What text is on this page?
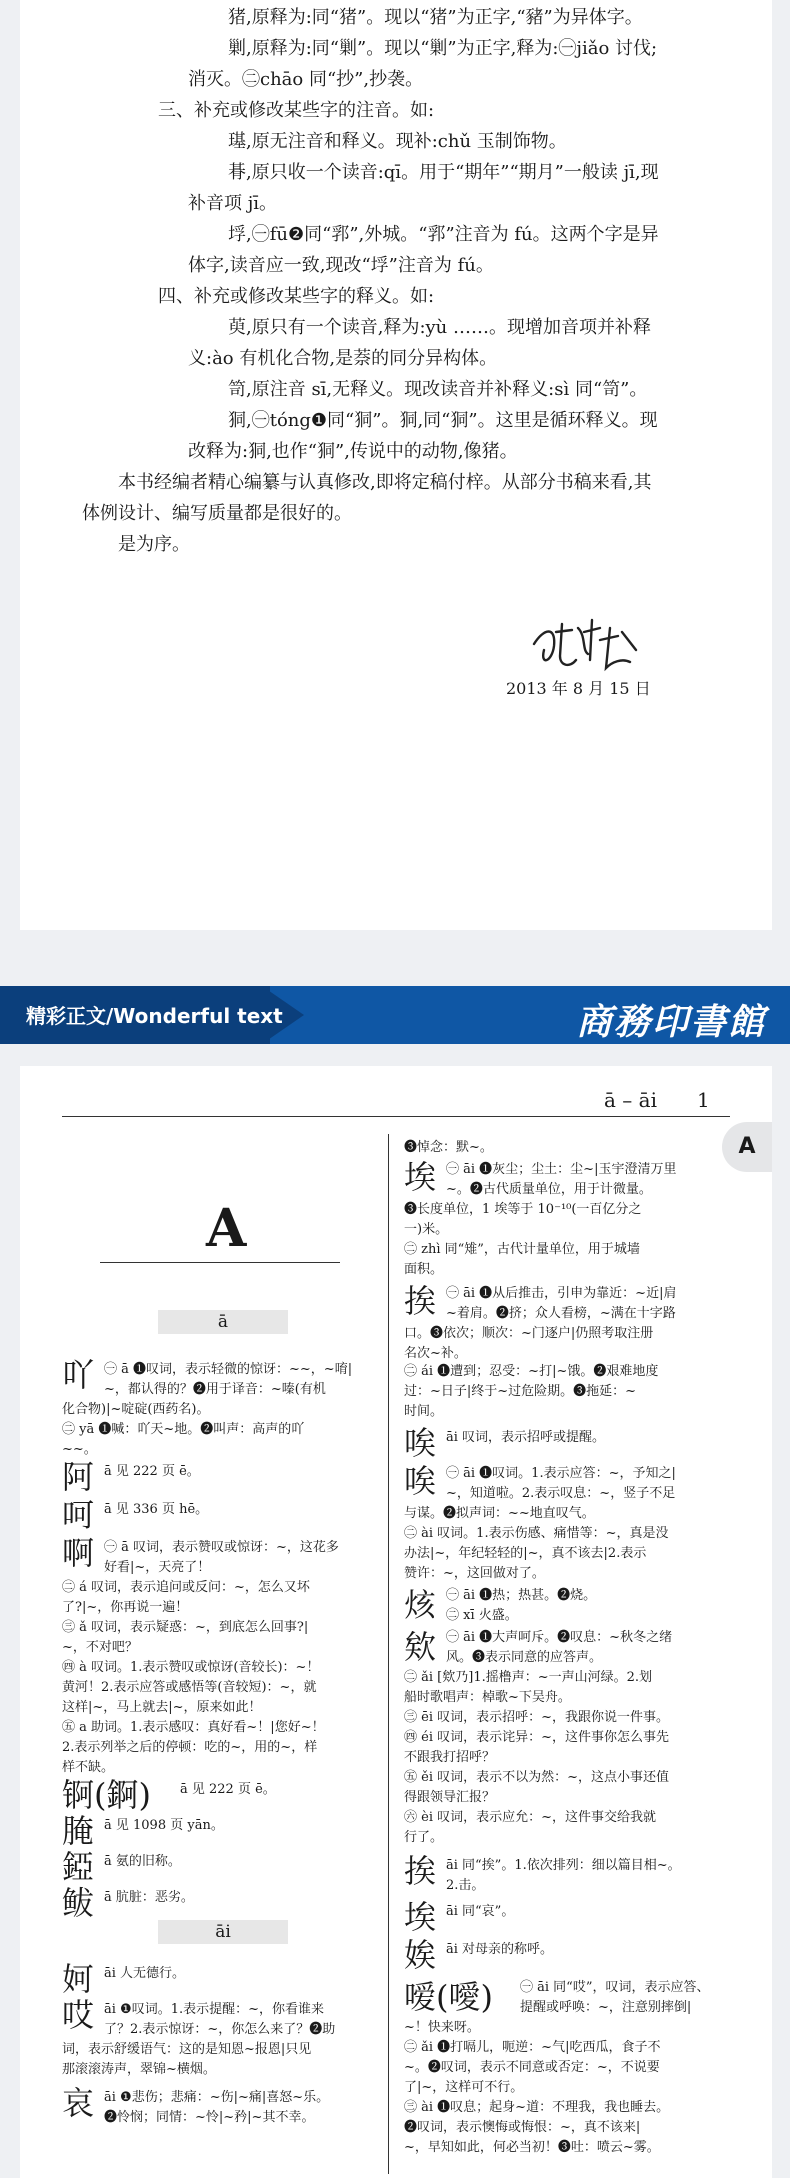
猪,原释为:同“猪”。现以“猪”为正字,“豬”为异体字。
剿,原释为:同“剿”。现以“剿”为正字,释为:㊀jiǎo 讨伐;
消灭。㊁chāo 同“抄”,抄袭。
三、补充或修改某些字的注音。如:
璂,原无注音和释义。现补:chǔ 玉制饰物。
朞,原只收一个读音:qī。用于“期年”“期月”一般读 jī,现
补音项 jī。
垺,㊀fū❷同“郛”,外城。“郛”注音为 fú。这两个字是异
体字,读音应一致,现改“垺”注音为 fú。
四、补充或修改某些字的释义。如:
萸,原只有一个读音,释为:yù ……。现增加音项并补释
义:ào 有机化合物,是萘的同分异构体。
笥,原注音 sī,无释义。现改读音并补释义:sì 同“笥”。
狪,㊀tóng❶同“狪”。狪,同“狪”。这里是循环释义。现
改释为:狪,也作“狪”,传说中的动物,像猪。
本书经编者精心编纂与认真修改,即将定稿付梓。从部分书稿来看,其
体例设计、编写质量都是很好的。
是为序。
2013 年 8 月 15 日
精彩正文/Wonderful text	商務印書館
ā – āi　　1
A
A
ā
āi
吖 ㊀ ā ❶叹词，表示轻微的惊讶：~~，~唷|
~，都认得的？❷用于译音：~嗪(有机
化合物)|~啶碇(西药名)。
㊁ yā ❶喊：吖天~地。❷叫声：高声的吖
~~。
阿 ā 见 222 页 ē。
呵 ā 见 336 页 hē。
啊 ㊀ ā 叹词，表示赞叹或惊讶：~，这花多
好看|~，天亮了！
㊁ á 叹词，表示追问或反问：~，怎么又坏
了?|~，你再说一遍！
㊂ ǎ 叹词，表示疑惑：~，到底怎么回事?|
~，不对吧？
㊃ à 叹词。1.表示赞叹或惊讶(音较长)：~！
黄河！2.表示应答或感悟等(音较短)：~，就
这样|~，马上就去|~，原来如此！
㊄ a 助词。1.表示感叹：真好看~！|您好~！
2.表示列举之后的停顿：吃的~，用的~，样
样不缺。
锕(錒) ā 见 222 页 ē。
腌 ā 见 1098 页 yān。
錏 ā 氨的旧称。
鲅 ā 肮脏：恶劣。
妸 āi 人无德行。
哎 āi ❶叹词。1.表示提醒：~，你看谁来
了？2.表示惊讶：~，你怎么来了？❷助
词，表示舒缓语气：这的是知恩~报恩|只见
那滚滚涛声，翠锦~横烟。
哀 āi ❶悲伤；悲痛：~伤|~痛|喜怒~乐。
❷怜悯；同情：~怜|~矜|~其不幸。
❸悼念：默~。
埃 ㊀ āi ❶灰尘；尘土：尘~|玉宇澄清万里
~。❷古代质量单位，用于计微量。
❸长度单位，1 埃等于 10⁻¹⁰(一百亿分之
一)米。
㊁ zhì 同“雉”，古代计量单位，用于城墙
面积。
挨 ㊀ āi ❶从后推击，引申为靠近：~近|肩
~着肩。❷挤；众人看榜，~满在十字路
口。❸依次；顺次：~门逐户|仍照考取注册
名次~补。
㊁ ái ❶遭到；忍受：~打|~饿。❷艰难地度
过：~日子|终于~过危险期。❸拖延：~
时间。
唉 āi 叹词，表示招呼或提醒。
唉 ㊀ āi ❶叹词。1.表示应答：~，予知之|
~，知道啦。2.表示叹息：~，竖子不足
与谋。❷拟声词：~~地直叹气。
㊁ ài 叹词。1.表示伤感、痛惜等：~，真是没
办法|~，年纪轻轻的|~，真不该去|2.表示
赞许：~，这回做对了。
烗 ㊀ āi ❶热；热甚。❷烧。
㊁ xī 火盛。
欸 ㊀ āi ❶大声呵斥。❷叹息：~秋冬之绪
风。❸表示同意的应答声。
㊁ ǎi [欸乃]1.摇橹声：~一声山河绿。2.划
船时歌唱声：棹歌~下吴舟。
㊂ ēi 叹词，表示招呼：~，我跟你说一件事。
㊃ éi 叹词，表示诧异：~，这件事你怎么事先
不跟我打招呼？
㊄ ěi 叹词，表示不以为然：~，这点小事还值
得跟领导汇报？
㊅ èi 叹词，表示应允：~，这件事交给我就
行了。
挨 āi 同“挨”。1.依次排列：细以篇目相~。
2.击。
埃 āi 同“哀”。
娭 āi 对母亲的称呼。
嗳(噯) ㊀ āi 同“哎”，叹词，表示应答、
提醒或呼唤：~，注意别摔倒|
~！快来呀。
㊁ ǎi ❶打嗝儿，呃逆：~气|吃西瓜，食子不
~。❷叹词，表示不同意或否定：~，不说要
了|~，这样可不行。
㊂ ài ❶叹息；起身~道：不理我，我也睡去。
❷叹词，表示懊悔或悔恨：~，真不该来|
~，早知如此，何必当初！❸吐：喷云~雾。
